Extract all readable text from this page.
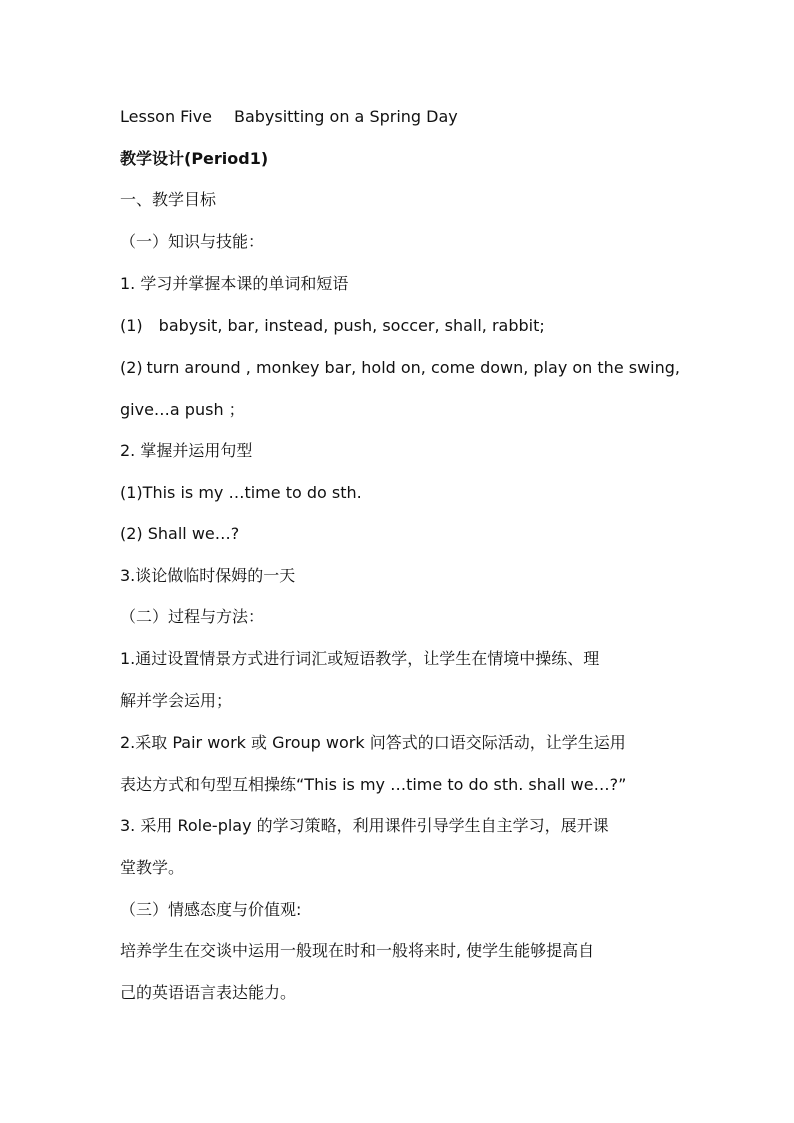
Lesson Five Babysitting on a Spring Day
教学设计(Period1)
一、教学目标
（一）知识与技能：
1. 学习并掌握本课的单词和短语
(1) babysit, bar, instead, push, soccer, shall, rabbit;
(2) turn around , monkey bar, hold on, come down, play on the swing,
give…a push ；
2. 掌握并运用句型
(1)This is my …time to do sth.
(2) Shall we…?
3.谈论做临时保姆的一天
（二）过程与方法：
1.通过设置情景方式进行词汇或短语教学，让学生在情境中操练、理
解并学会运用；
2.采取 Pair work 或 Group work 问答式的口语交际活动，让学生运用
表达方式和句型互相操练“This is my …time to do sth. shall we…?”
3. 采用 Role-play 的学习策略，利用课件引导学生自主学习，展开课
堂教学。
（三）情感态度与价值观:
培养学生在交谈中运用一般现在时和一般将来时, 使学生能够提高自
己的英语语言表达能力。
